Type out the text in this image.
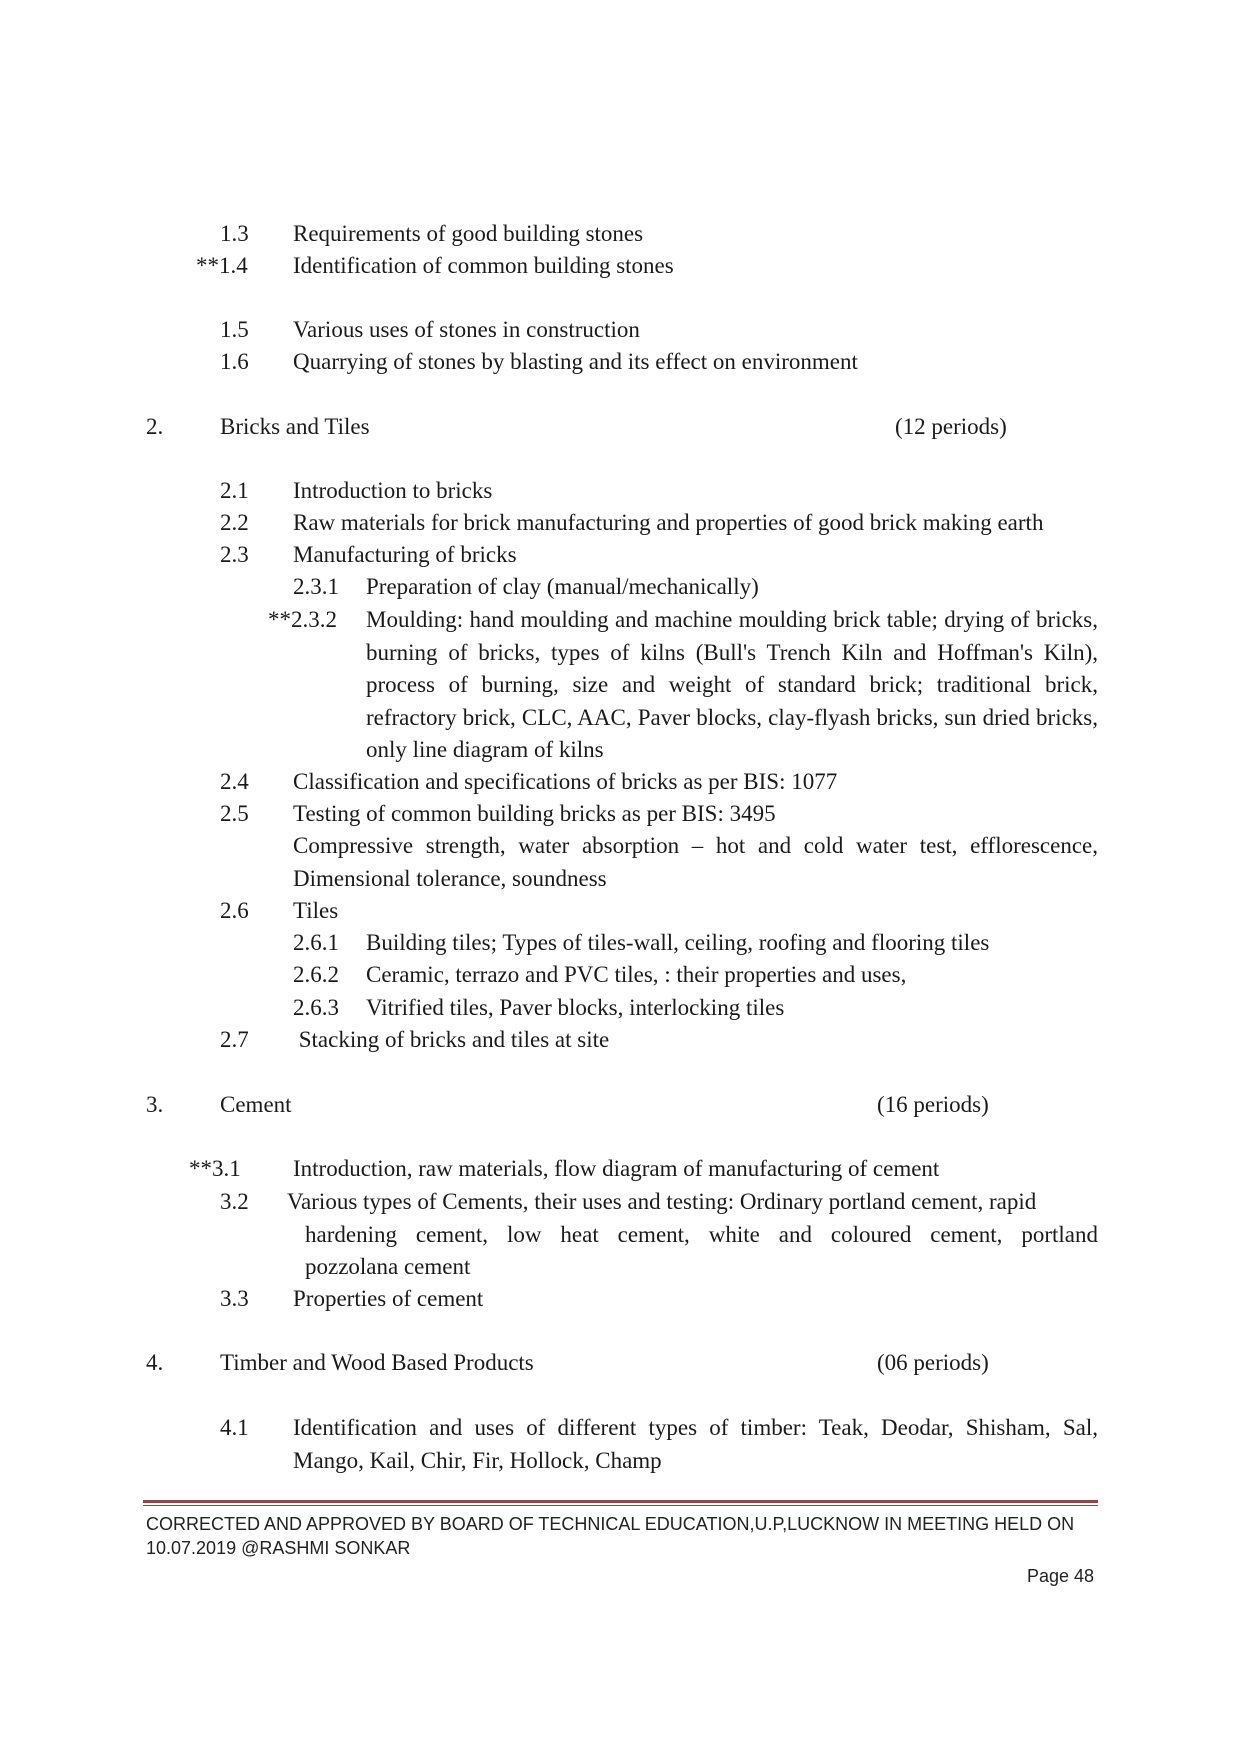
1.3 Requirements of good building stones
**1.4 Identification of common building stones
1.5 Various uses of stones in construction
1.6 Quarrying of stones by blasting and its effect on environment
2. Bricks and Tiles	(12 periods)
2.1 Introduction to bricks
2.2 Raw materials for brick manufacturing and properties of good brick making earth
2.3 Manufacturing of bricks
2.3.1 Preparation of clay (manual/mechanically)
**2.3.2 Moulding: hand moulding and machine moulding brick table; drying of bricks, burning of bricks, types of kilns (Bull's Trench Kiln and Hoffman's Kiln), process of burning, size and weight of standard brick; traditional brick, refractory brick, CLC, AAC, Paver blocks, clay-flyash bricks, sun dried bricks, only line diagram of kilns
2.4 Classification and specifications of bricks as per BIS: 1077
2.5 Testing of common building bricks as per BIS: 3495
Compressive strength, water absorption – hot and cold water test, efflorescence, Dimensional tolerance, soundness
2.6 Tiles
2.6.1 Building tiles; Types of tiles-wall, ceiling, roofing and flooring tiles
2.6.2 Ceramic, terrazo and PVC tiles, : their properties and uses,
2.6.3 Vitrified tiles, Paver blocks, interlocking tiles
2.7 Stacking of bricks and tiles at site
3. Cement	(16 periods)
**3.1 Introduction, raw materials, flow diagram of manufacturing of cement
3.2 Various types of Cements, their uses and testing: Ordinary portland cement, rapid
hardening cement, low heat cement, white and coloured cement, portland
pozzolana cement
3.3 Properties of cement
4. Timber and Wood Based Products	(06 periods)
4.1 Identification and uses of different types of timber: Teak, Deodar, Shisham, Sal, Mango, Kail, Chir, Fir, Hollock, Champ
CORRECTED AND APPROVED BY BOARD OF TECHNICAL EDUCATION,U.P,LUCKNOW IN MEETING HELD ON
10.07.2019 @RASHMI SONKAR
Page 48
